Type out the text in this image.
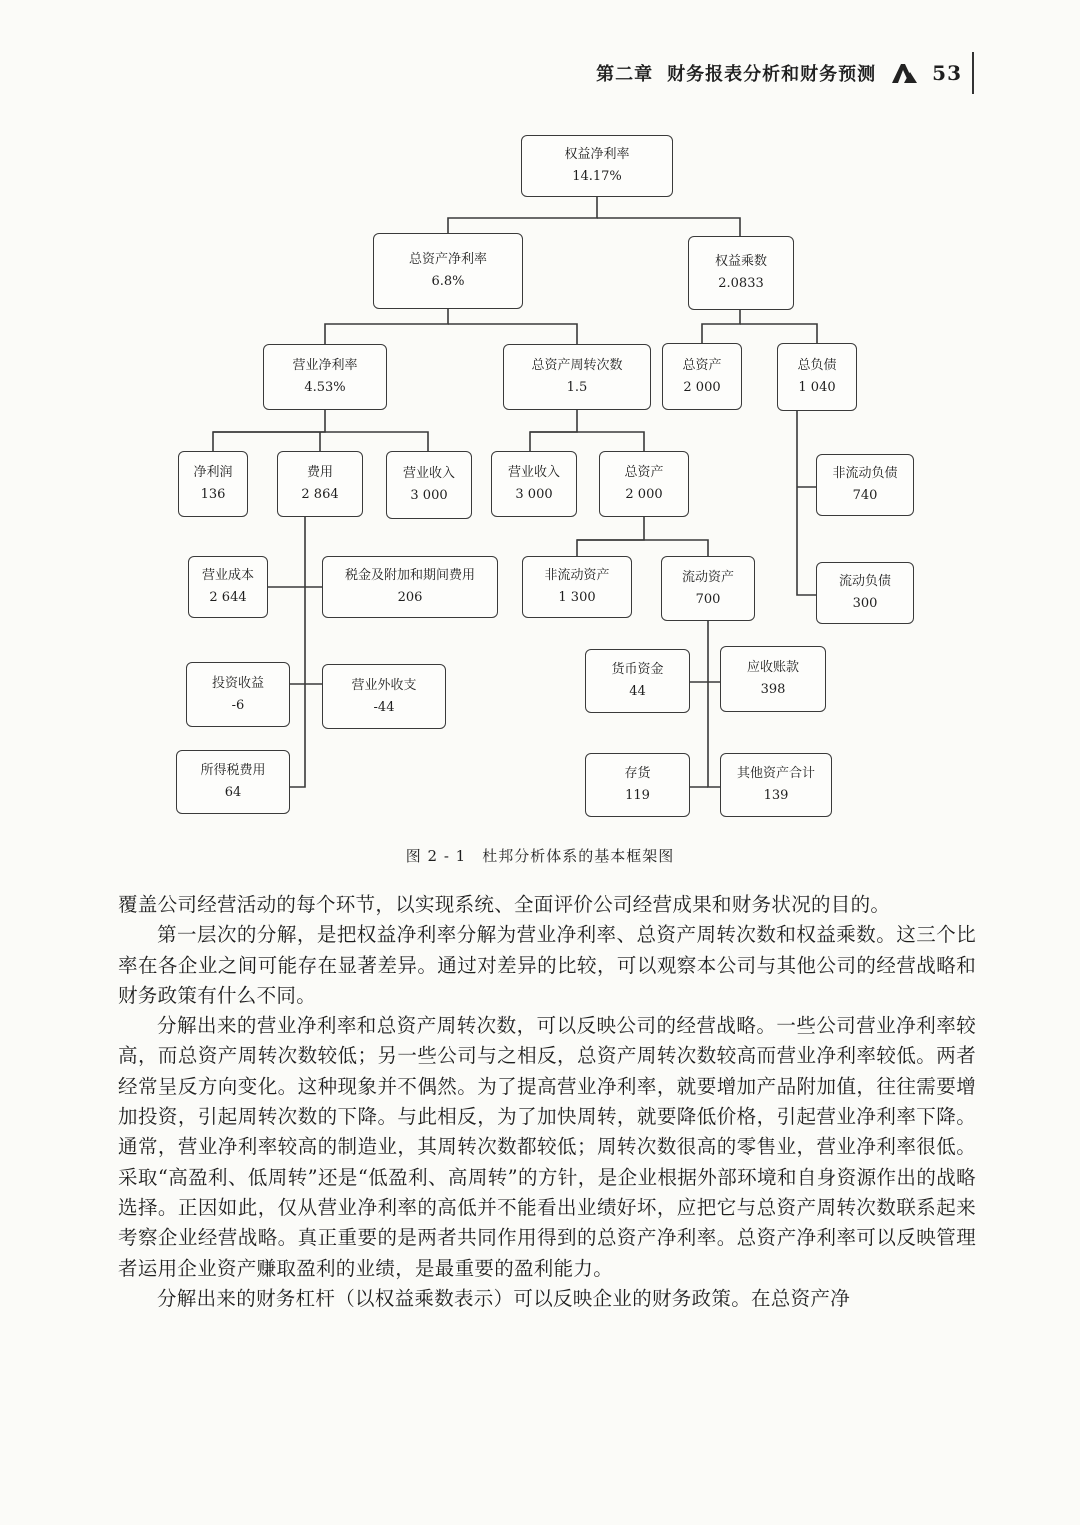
第二章 财务报表分析和财务预测	53
权益净利率
14.17%
总资产净利率
6.8%
权益乘数
2.0833
营业净利率
4.53%
总资产周转次数
1.5
总资产
2 000
总负债
1 040
净利润
136
费用
2 864
营业收入
3 000
营业收入
3 000
总资产
2 000
非流动负债
740
流动负债
300
营业成本
2 644
税金及附加和期间费用
206
非流动资产
1 300
流动资产
700
投资收益
-6
营业外收支
-44
货币资金
44
应收账款
398
所得税费用
64
存货
119
其他资产合计
139
图 2 - 1　杜邦分析体系的基本框架图

覆盖公司经营活动的每个环节，以实现系统、全面评价公司经营成果和财务状况的目的。

第一层次的分解，是把权益净利率分解为营业净利率、总资产周转次数和权益乘数。这三个比率在各企业之间可能存在显著差异。通过对差异的比较，可以观察本公司与其他公司的经营战略和财务政策有什么不同。

分解出来的营业净利率和总资产周转次数，可以反映公司的经营战略。一些公司营业净利率较高，而总资产周转次数较低；另一些公司与之相反，总资产周转次数较高而营业净利率较低。两者经常呈反方向变化。这种现象并不偶然。为了提高营业净利率，就要增加产品附加值，往往需要增加投资，引起周转次数的下降。与此相反，为了加快周转，就要降低价格，引起营业净利率下降。通常，营业净利率较高的制造业，其周转次数都较低；周转次数很高的零售业，营业净利率很低。采取“高盈利、低周转”还是“低盈利、高周转”的方针，是企业根据外部环境和自身资源作出的战略选择。正因如此，仅从营业净利率的高低并不能看出业绩好坏，应把它与总资产周转次数联系起来考察企业经营战略。真正重要的是两者共同作用得到的总资产净利率。总资产净利率可以反映管理者运用企业资产赚取盈利的业绩，是最重要的盈利能力。

分解出来的财务杠杆（以权益乘数表示）可以反映企业的财务政策。在总资产净
